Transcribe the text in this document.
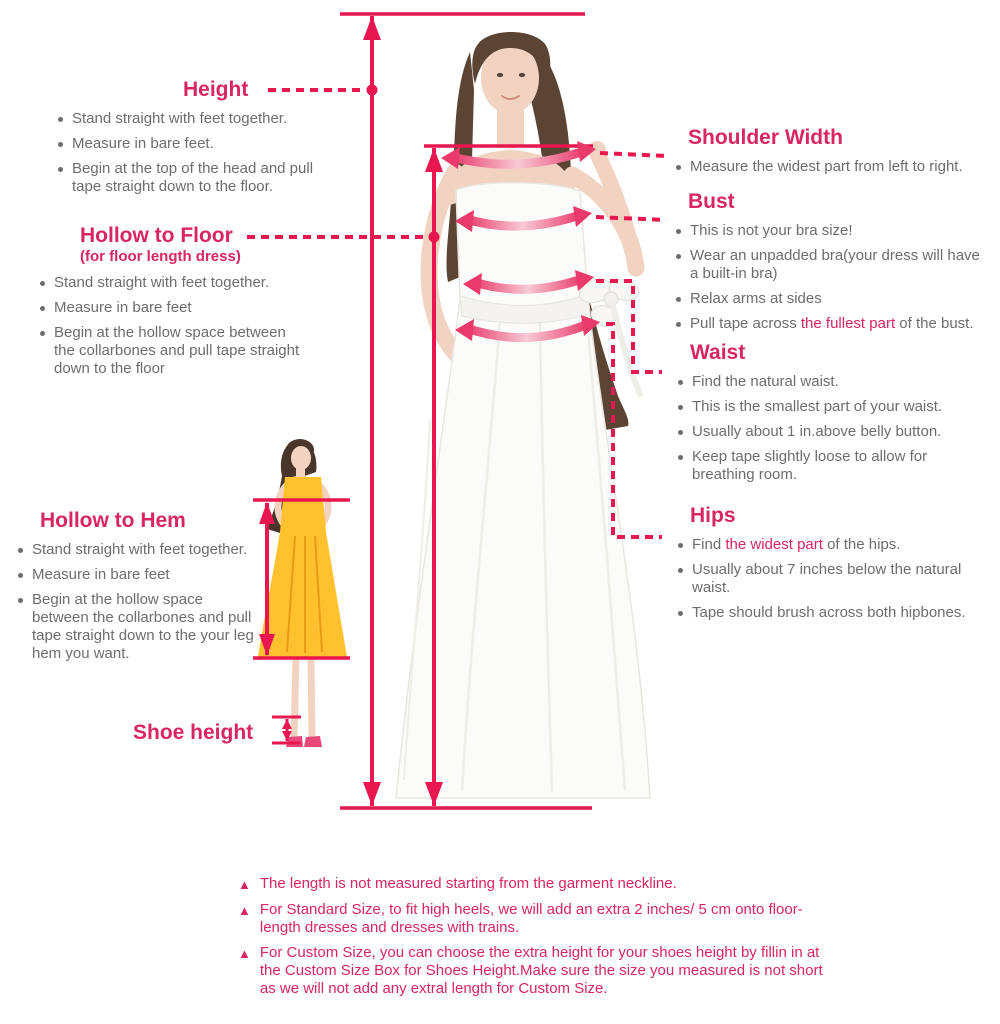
Height
Stand straight with feet together.
Measure in bare feet.
Begin at the top of the head and pull tape straight down to the floor.
Hollow to Floor
(for floor length dress)
Stand straight with feet together.
Measure in bare feet
Begin at the hollow space between the collarbones and pull tape straight down to the floor
Hollow to Hem
Stand straight with feet together.
Measure in bare feet
Begin at the hollow space between the collarbones and pull tape straight down to the your leg hem you want.
Shoe height
Shoulder Width
Measure the widest part from left to right.
Bust
This is not your bra size!
Wear an unpadded bra(your dress will have a built-in bra)
Relax arms at sides
Pull tape across the fullest part of the bust.
Waist
Find the natural waist.
This is the smallest part of your waist.
Usually about 1 in.above belly button.
Keep tape slightly loose to allow for breathing room.
Hips
Find the widest part of the hips.
Usually about 7 inches below the natural waist.
Tape should brush across both hipbones.
▲ The length is not measured starting from the garment neckline.
▲ For Standard Size, to fit high heels, we will add an extra 2 inches/ 5 cm onto floor-length dresses and dresses with trains.
▲ For Custom Size, you can choose the extra height for your shoes height by fillin in at the Custom Size Box for Shoes Height.Make sure the size you measured is not short as we will not add any extral length for Custom Size.
